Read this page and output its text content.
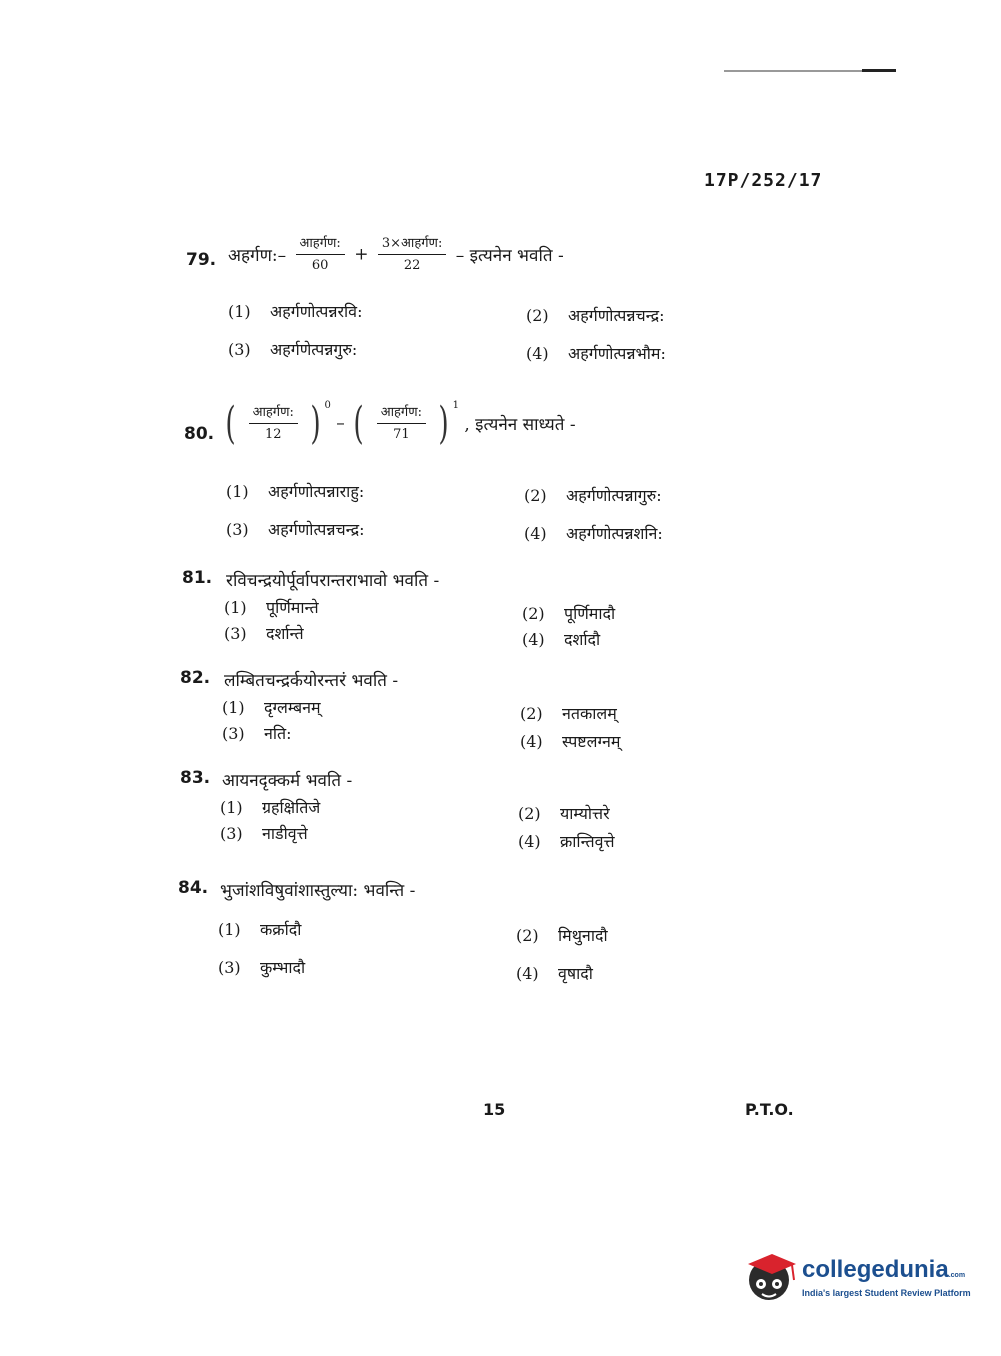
17P/252/17
79. अहर्गण:– $\frac{\text{आहर्गण:}}{60} + \frac{\text{3×आहर्गण:}}{22}$ – इत्यनेन भवति -
(1) अहर्गणोत्पन्नरवि:	(2) अहर्गणोत्पन्नचन्द्र:
(3) अहर्गणेत्पन्नगुरु:	(4) अहर्गणोत्पन्नभौम:
80. ( $\frac{\text{आहर्गण:}}{12}$ ) $^0$ – ( $\frac{\text{आहर्गण:}}{71}$ ) $^1$ , इत्यनेन साध्यते -
(1) अहर्गणोत्पन्नाराहु:	(2) अहर्गणोत्पन्नागुरु:
(3) अहर्गणोत्पन्नचन्द्र:	(4) अहर्गणोत्पन्नशनि:
81. रविचन्द्रयोर्पूर्वापरान्तराभावो भवति -
(1) पूर्णिमान्ते	(2) पूर्णिमादौ
(3) दर्शान्ते	(4) दर्शादौ
82. लम्बितचन्द्रर्कयोरन्तरं भवति -
(1) दृग्लम्बनम्	(2) नतकालम्
(3) नति:	(4) स्पष्टलग्नम्
83. आयनदृक्कर्म भवति -
(1) ग्रहक्षितिजे	(2) याम्योत्तरे
(3) नाडीवृत्ते	(4) क्रान्तिवृत्ते
84. भुजांशविषुवांशास्तुल्या: भवन्ति -
(1) कर्क्रादौ	(2) मिथुनादौ
(3) कुम्भादौ	(4) वृषादौ
15	P.T.O.
collegedunia.com
India's largest Student Review Platform
